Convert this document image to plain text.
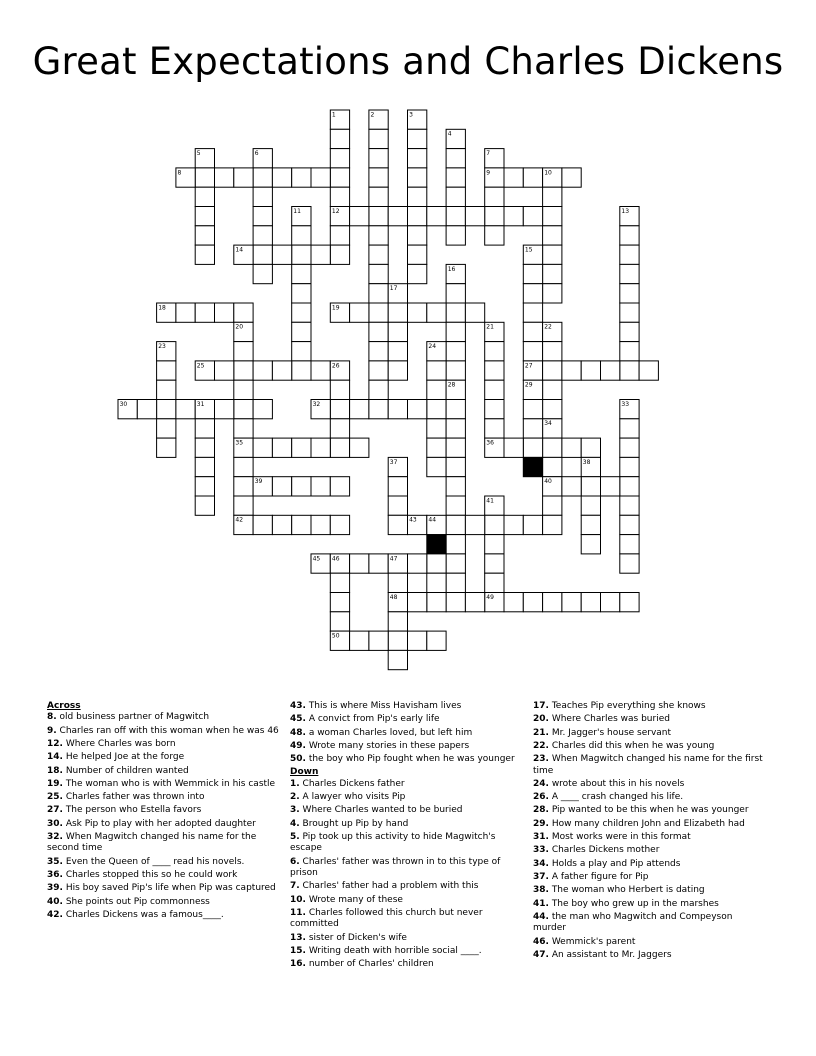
Great Expectations and Charles Dickens
1	2	3
4
5	6	7
8	9	10
11	12	13
14	15
16
17
18	19
20	21	22
23	24
25	26	27
28	29
30	31	32	33
34
35	36
37	38
39	40
41
42	43 44
45 46	47
48	49
50
Across
8. old business partner of Magwitch
9. Charles ran off with this woman when he was 46
12. Where Charles was born
14. He helped Joe at the forge
18. Number of children wanted
19. The woman who is with Wemmick in his castle
25. Charles father was thrown into
27. The person who Estella favors
30. Ask Pip to play with her adopted daughter
32. When Magwitch changed his name for the second time
35. Even the Queen of ____ read his novels.
36. Charles stopped this so he could work
39. His boy saved Pip's life when Pip was captured
40. She points out Pip commonness
42. Charles Dickens was a famous____.
43. This is where Miss Havisham lives
45. A convict from Pip's early life
48. a woman Charles loved, but left him
49. Wrote many stories in these papers
50. the boy who Pip fought when he was younger
Down
1. Charles Dickens father
2. A lawyer who visits Pip
3. Where Charles wanted to be buried
4. Brought up Pip by hand
5. Pip took up this activity to hide Magwitch's escape
6. Charles' father was thrown in to this type of prison
7. Charles' father had a problem with this
10. Wrote many of these
11. Charles followed this church but never committed
13. sister of Dicken's wife
15. Writing death with horrible social ____.
16. number of Charles' children
17. Teaches Pip everything she knows
20. Where Charles was buried
21. Mr. Jagger's house servant
22. Charles did this when he was young
23. When Magwitch changed his name for the first time
24. wrote about this in his novels
26. A ____ crash changed his life.
28. Pip wanted to be this when he was younger
29. How many children John and Elizabeth had
31. Most works were in this format
33. Charles Dickens mother
34. Holds a play and Pip attends
37. A father figure for Pip
38. The woman who Herbert is dating
41. The boy who grew up in the marshes
44. the man who Magwitch and Compeyson murder
46. Wemmick's parent
47. An assistant to Mr. Jaggers
